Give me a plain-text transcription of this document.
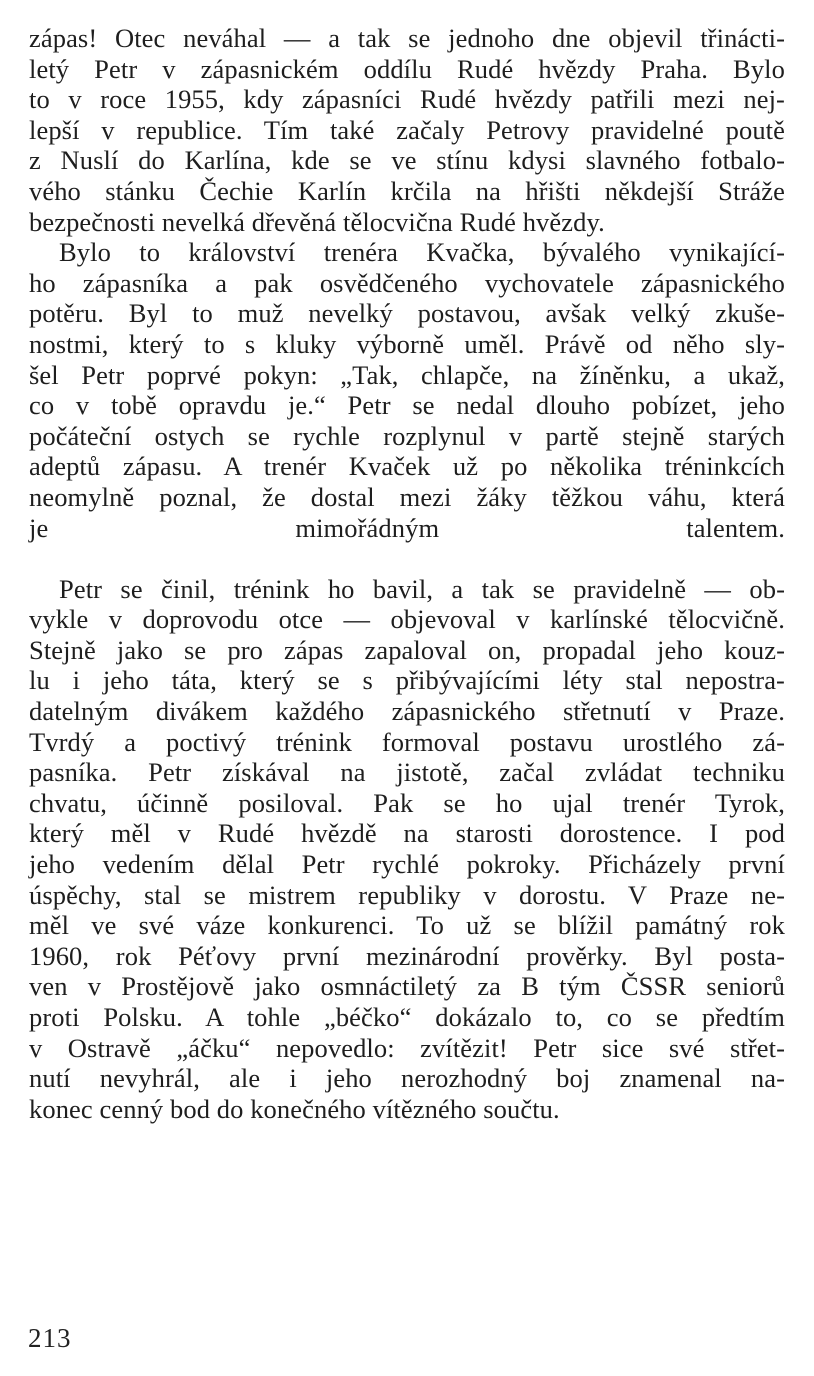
zápas! Otec neváhal — a tak se jednoho dne objevil třinácti-
letý Petr v zápasnickém oddílu Rudé hvězdy Praha. Bylo
to v roce 1955, kdy zápasníci Rudé hvězdy patřili mezi nej-
lepší v republice. Tím také začaly Petrovy pravidelné poutě
z Nuslí do Karlína, kde se ve stínu kdysi slavného fotbalo-
vého stánku Čechie Karlín krčila na hřišti někdejší Stráže
bezpečnosti nevelká dřevěná tělocvična Rudé hvězdy.
Bylo to království trenéra Kvačka, bývalého vynikající-
ho zápasníka a pak osvědčeného vychovatele zápasnického
potěru. Byl to muž nevelký postavou, avšak velký zkuše-
nostmi, který to s kluky výborně uměl. Právě od něho sly-
šel Petr poprvé pokyn: „Tak, chlapče, na žíněnku, a ukaž,
co v tobě opravdu je.“ Petr se nedal dlouho pobízet, jeho
počáteční ostych se rychle rozplynul v partě stejně starých
adeptů zápasu. A trenér Kvaček už po několika tréninkcích
neomylně poznal, že dostal mezi žáky těžkou váhu, která
je mimořádným talentem.
Petr se činil, trénink ho bavil, a tak se pravidelně — ob-
vykle v doprovodu otce — objevoval v karlínské tělocvičně.
Stejně jako se pro zápas zapaloval on, propadal jeho kouz-
lu i jeho táta, který se s přibývajícími léty stal nepostra-
datelným divákem každého zápasnického střetnutí v Praze.
Tvrdý a poctivý trénink formoval postavu urostlého zá-
pasníka. Petr získával na jistotě, začal zvládat techniku
chvatu, účinně posiloval. Pak se ho ujal trenér Tyrok,
který měl v Rudé hvězdě na starosti dorostence. I pod
jeho vedením dělal Petr rychlé pokroky. Přicházely první
úspěchy, stal se mistrem republiky v dorostu. V Praze ne-
měl ve své váze konkurenci. To už se blížil památný rok
1960, rok Péťovy první mezinárodní prověrky. Byl posta-
ven v Prostějově jako osmnáctiletý za B tým ČSSR seniorů
proti Polsku. A tohle „béčko“ dokázalo to, co se předtím
v Ostravě „áčku“ nepovedlo: zvítězit! Petr sice své střet-
nutí nevyhrál, ale i jeho nerozhodný boj znamenal na-
konec cenný bod do konečného vítězného součtu.
213
